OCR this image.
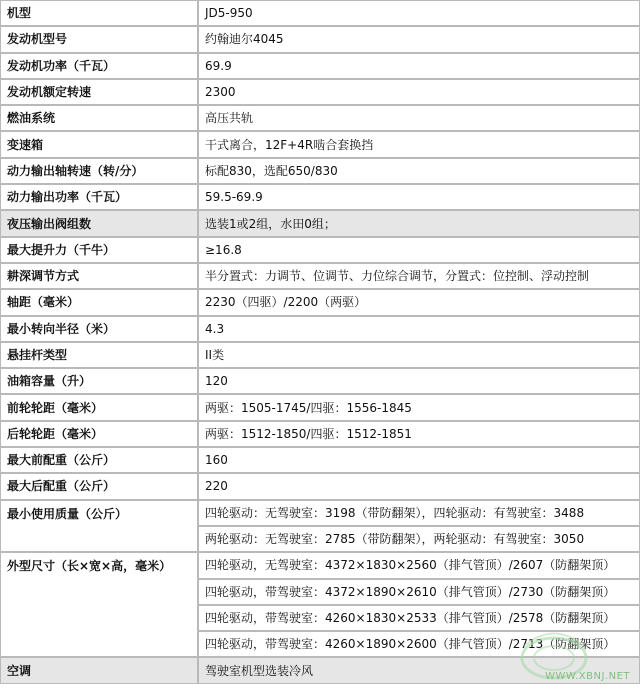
机型	JD5-950
发动机型号	约翰迪尔4045
发动机功率（千瓦）	69.9
发动机额定转速	2300
燃油系统	高压共轨
变速箱	干式离合，12F+4R啮合套换挡
动力输出轴转速（转/分）	标配830，选配650/830
动力输出功率（千瓦）	59.5-69.9
夜压输出阀组数	选装1或2组，水田0组；
最大提升力（千牛）	≥16.8
耕深调节方式	半分置式：力调节、位调节、力位综合调节，分置式：位控制、浮动控制
轴距（毫米）	2230（四驱）/2200（两驱）
最小转向半径（米）	4.3
悬挂杆类型	II类
油箱容量（升）	120
前轮轮距（毫米）	两驱：1505-1745/四驱：1556-1845
后轮轮距（毫米）	两驱：1512-1850/四驱：1512-1851
最大前配重（公斤）	160
最大后配重（公斤）	220
最小使用质量（公斤）	四轮驱动：无驾驶室：3198（带防翻架），四轮驱动：有驾驶室：3488
	两轮驱动：无驾驶室：2785（带防翻架），两轮驱动：有驾驶室：3050
外型尺寸（长×宽×高，毫米）	四轮驱动，无驾驶室：4372×1830×2560（排气管顶）/2607（防翻架顶）
	四轮驱动，带驾驶室：4372×1890×2610（排气管顶）/2730（防翻架顶）
	四轮驱动，带驾驶室：4260×1830×2533（排气管顶）/2578（防翻架顶）
	四轮驱动，带驾驶室：4260×1890×2600（排气管顶）/2713（防翻架顶）
空调	驾驶室机型选装冷风	WWW.XBNJ.NET
